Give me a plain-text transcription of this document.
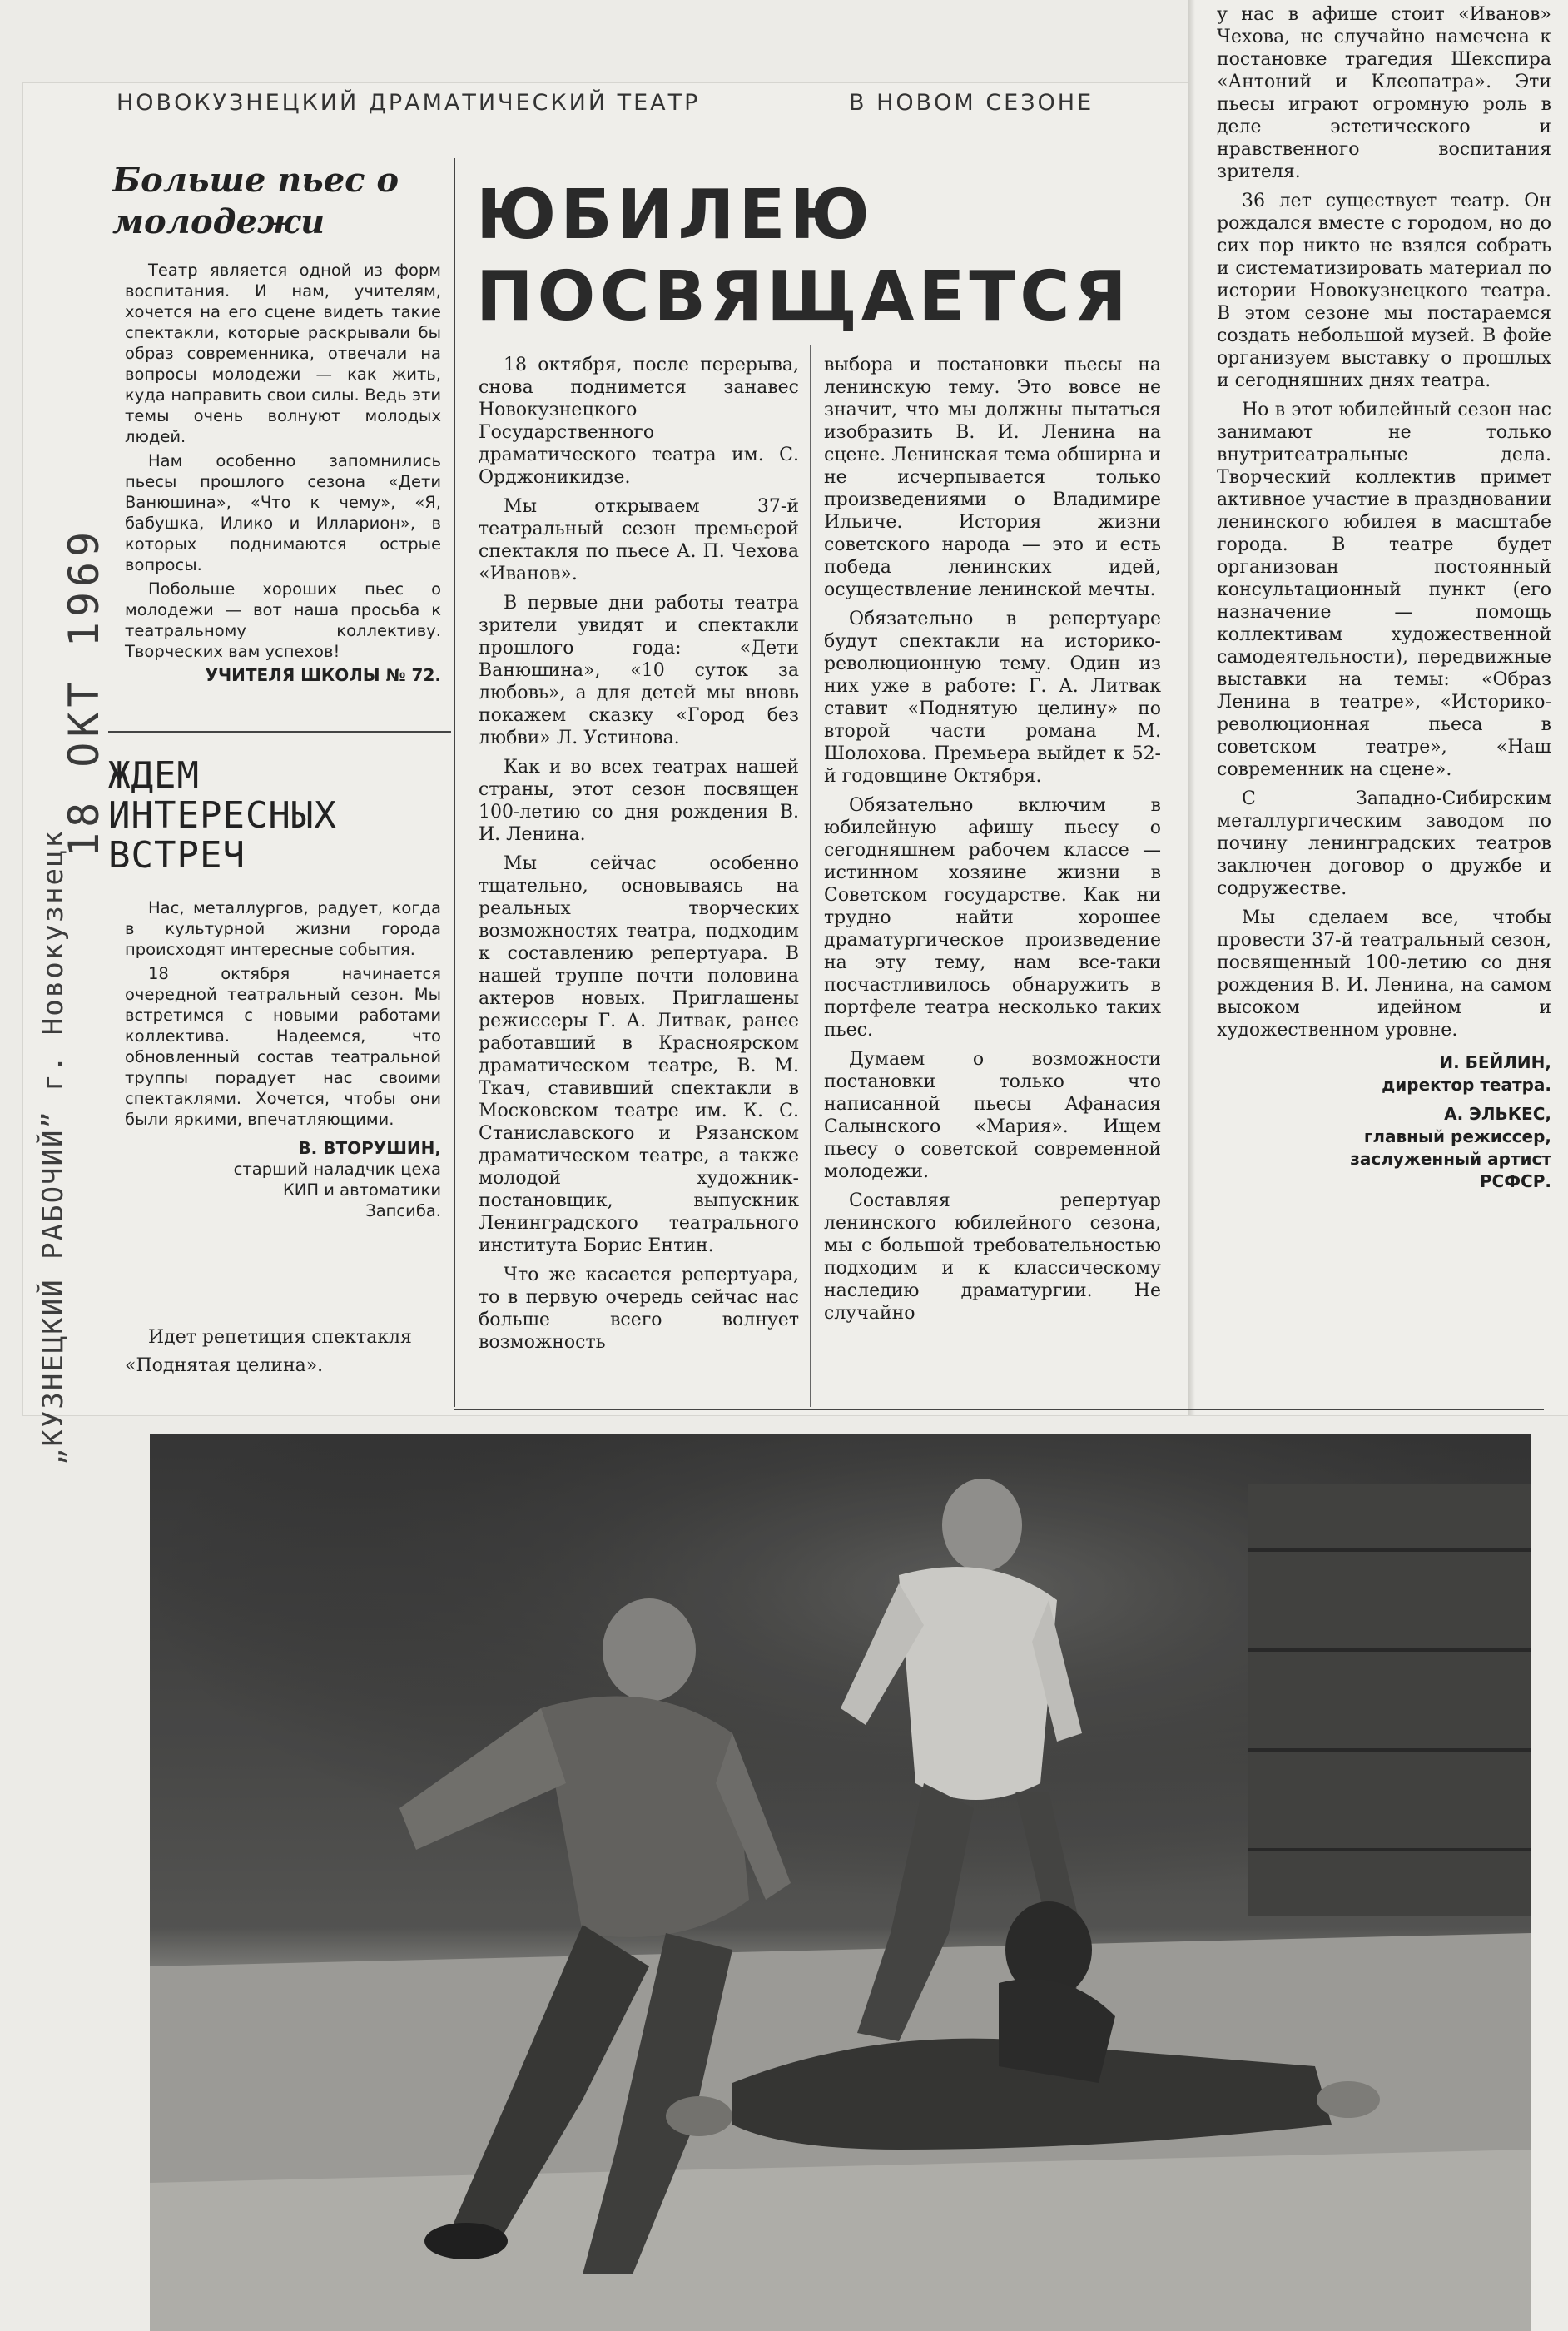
НОВОКУЗНЕЦКИЙ ДРАМАТИЧЕСКИЙ ТЕАТР	В НОВОМ СЕЗОНЕ
Больше пьес о молодежи

Театр является одной из форм воспитания. И нам, учителям, хочется на его сцене видеть такие спектакли, которые раскрывали бы образ современника, отвечали на вопросы молодежи — как жить, куда направить свои силы. Ведь эти темы очень волнуют молодых людей.

Нам особенно запомнились пьесы прошлого сезона «Дети Ванюшина», «Что к чему», «Я, бабушка, Илико и Илларион», в которых поднимаются острые вопросы.

Побольше хороших пьес о молодежи — вот наша просьба к театральному коллективу. Творческих вам успехов!

УЧИТЕЛЯ ШКОЛЫ № 72.
ЖДЕМ ИНТЕРЕСНЫХ ВСТРЕЧ

Нас, металлургов, радует, когда в культурной жизни города происходят интересные события.

18 октября начинается очередной театральный сезон. Мы встретимся с новыми работами коллектива. Надеемся, что обновленный состав театральной труппы порадует нас своими спектаклями. Хочется, чтобы они были яркими, впечатляющими.

В. ВТОРУШИН,
старший наладчик цеха КИП и автоматики Запсиба.
Идет репетиция спектакля «Поднятая целина».
ЮБИЛЕЮ
ПОСВЯЩАЕТСЯ

18 октября, после перерыва, снова поднимется занавес Новокузнецкого Государственного драматического театра им. С. Орджоникидзе.

Мы открываем 37-й театральный сезон премьерой спектакля по пьесе А. П. Чехова «Иванов».

В первые дни работы театра зрители увидят и спектакли прошлого года: «Дети Ванюшина», «10 суток за любовь», а для детей мы вновь покажем сказку «Город без любви» Л. Устинова.

Как и во всех театрах нашей страны, этот сезон посвящен 100-летию со дня рождения В. И. Ленина.

Мы сейчас особенно тщательно, основываясь на реальных творческих возможностях театра, подходим к составлению репертуара. В нашей труппе почти половина актеров новых. Приглашены режиссеры Г. А. Литвак, ранее работавший в Красноярском драматическом театре, В. М. Ткач, ставивший спектакли в Московском театре им. К. С. Станиславского и Рязанском драматическом театре, а также молодой художник-постановщик, выпускник Ленинградского театрального института Борис Ентин.

Что же касается репертуара, то в первую очередь сейчас нас больше всего волнует возможность

выбора и постановки пьесы на ленинскую тему. Это вовсе не значит, что мы должны пытаться изобразить В. И. Ленина на сцене. Ленинская тема обширна и не исчерпывается только произведениями о Владимире Ильиче. История жизни советского народа — это и есть победа ленинских идей, осуществление ленинской мечты.

Обязательно в репертуаре будут спектакли на историко-революционную тему. Один из них уже в работе: Г. А. Литвак ставит «Поднятую целину» по второй части романа М. Шолохова. Премьера выйдет к 52-й годовщине Октября.

Обязательно включим в юбилейную афишу пьесу о сегодняшнем рабочем классе — истинном хозяине жизни в Советском государстве. Как ни трудно найти хорошее драматургическое произведение на эту тему, нам все-таки посчастливилось обнаружить в портфеле театра несколько таких пьес.

Думаем о возможности постановки только что написанной пьесы Афанасия Салынского «Мария». Ищем пьесу о советской современной молодежи.

Составляя репертуар ленинского юбилейного сезона, мы с большой требовательностью подходим и к классическому наследию драматургии. Не случайно

у нас в афише стоит «Иванов» Чехова, не случайно намечена к постановке трагедия Шекспира «Антоний и Клеопатра». Эти пьесы играют огромную роль в деле эстетического и нравственного воспитания зрителя.

36 лет существует театр. Он рождался вместе с городом, но до сих пор никто не взялся собрать и систематизировать материал по истории Новокузнецкого театра. В этом сезоне мы постараемся создать небольшой музей. В фойе организуем выставку о прошлых и сегодняшних днях театра.

Но в этот юбилейный сезон нас занимают не только внутритеатральные дела. Творческий коллектив примет активное участие в праздновании ленинского юбилея в масштабе города. В театре будет организован постоянный консультационный пункт (его назначение — помощь коллективам художественной самодеятельности), передвижные выставки на темы: «Образ Ленина в театре», «Историко-революционная пьеса в советском театре», «Наш современник на сцене».

С Западно-Сибирским металлургическим заводом по почину ленинградских театров заключен договор о дружбе и содружестве.

Мы сделаем все, чтобы провести 37-й театральный сезон, посвященный 100-летию со дня рождения В. И. Ленина, на самом высоком идейном и художественном уровне.

И. БЕЙЛИН,
директор театра.
А. ЭЛЬКЕС,
главный режиссер, заслуженный артист РСФСР.
18 ОКТ 1969
„КУЗНЕЦКИЙ РАБОЧИЙ” г. Новокузнецк
